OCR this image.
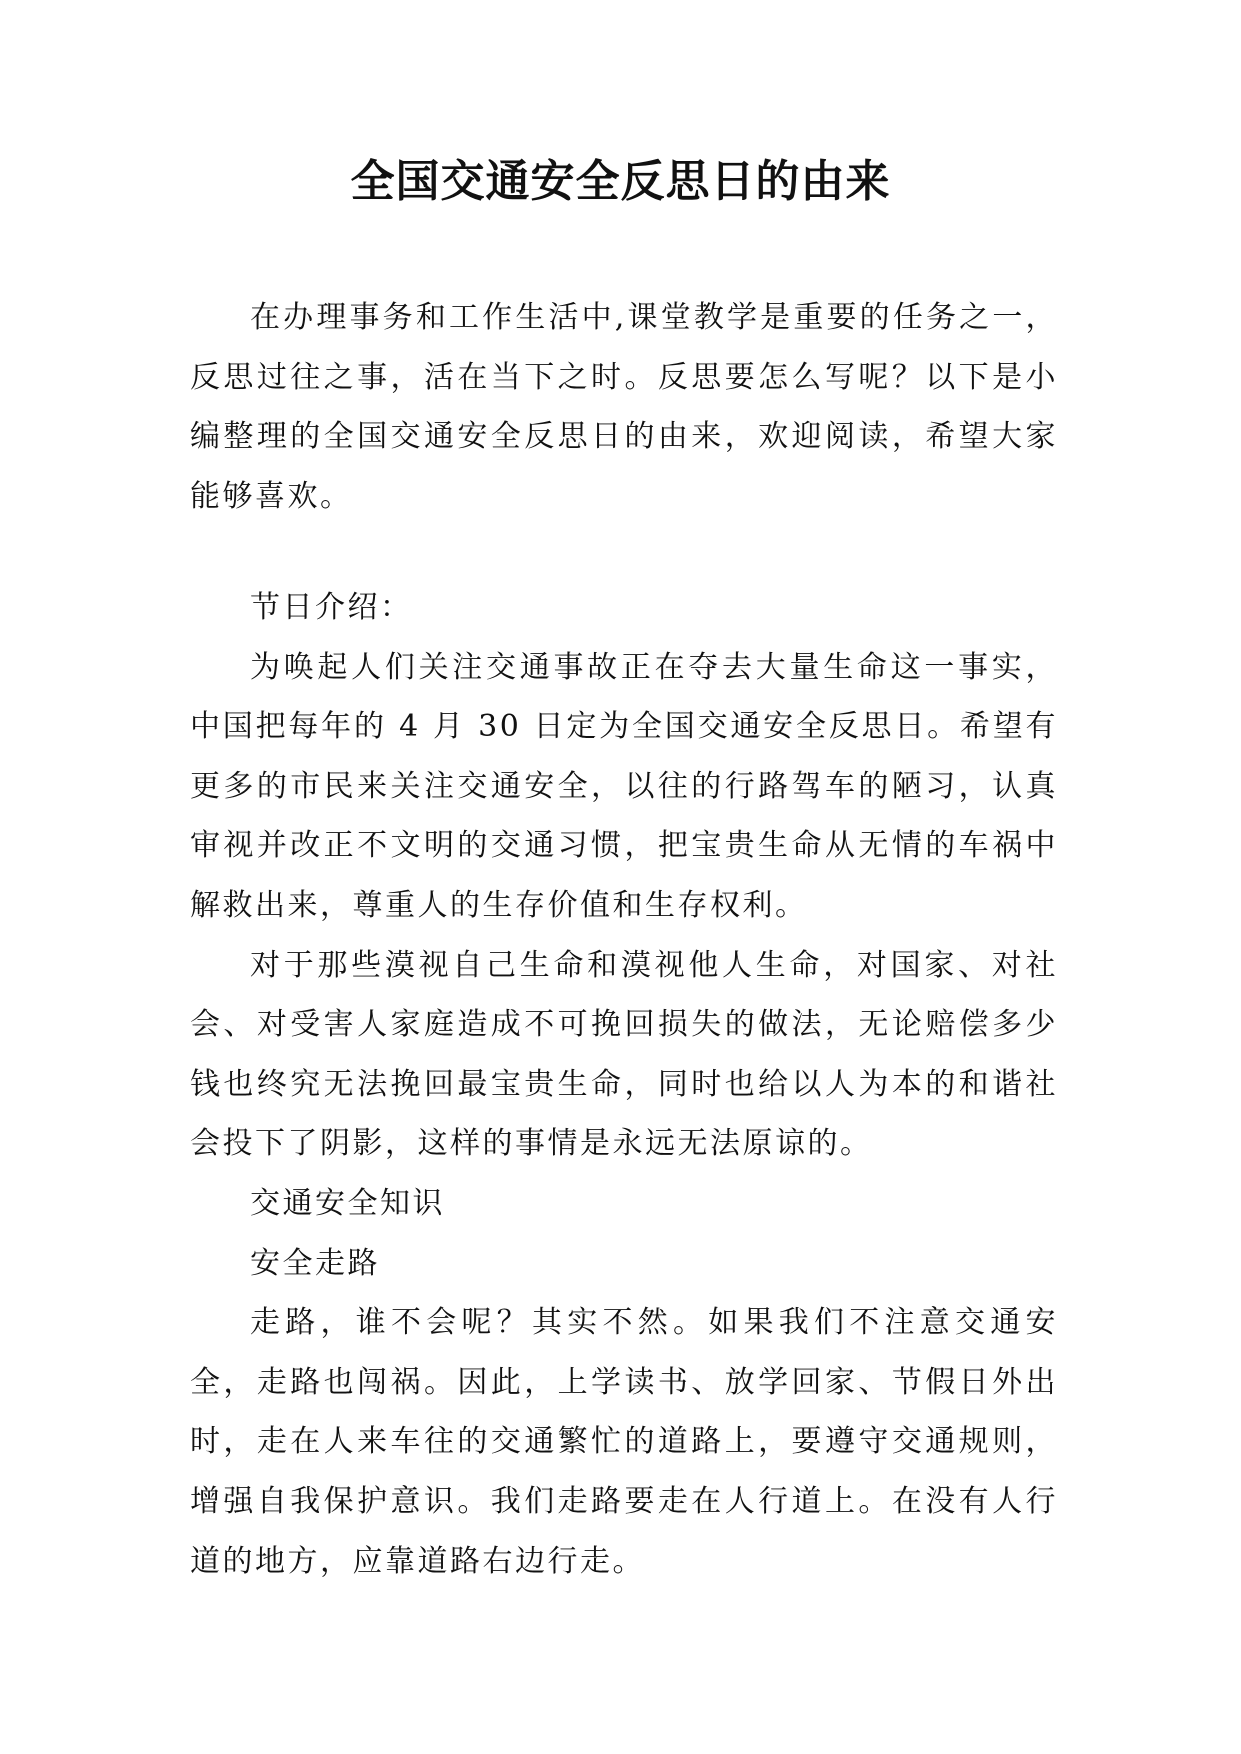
全国交通安全反思日的由来

在办理事务和工作生活中,课堂教学是重要的任务之一，反思过往之事，活在当下之时。反思要怎么写呢？以下是小编整理的全国交通安全反思日的由来，欢迎阅读，希望大家能够喜欢。

节日介绍：

为唤起人们关注交通事故正在夺去大量生命这一事实，中国把每年的 4 月 30 日定为全国交通安全反思日。希望有更多的市民来关注交通安全，以往的行路驾车的陋习，认真审视并改正不文明的交通习惯，把宝贵生命从无情的车祸中解救出来，尊重人的生存价值和生存权利。

对于那些漠视自己生命和漠视他人生命，对国家、对社会、对受害人家庭造成不可挽回损失的做法，无论赔偿多少钱也终究无法挽回最宝贵生命，同时也给以人为本的和谐社会投下了阴影，这样的事情是永远无法原谅的。

交通安全知识

安全走路

走路，谁不会呢？其实不然。如果我们不注意交通安全，走路也闯祸。因此，上学读书、放学回家、节假日外出时，走在人来车往的交通繁忙的道路上，要遵守交通规则，增强自我保护意识。我们走路要走在人行道上。在没有人行道的地方，应靠道路右边行走。
